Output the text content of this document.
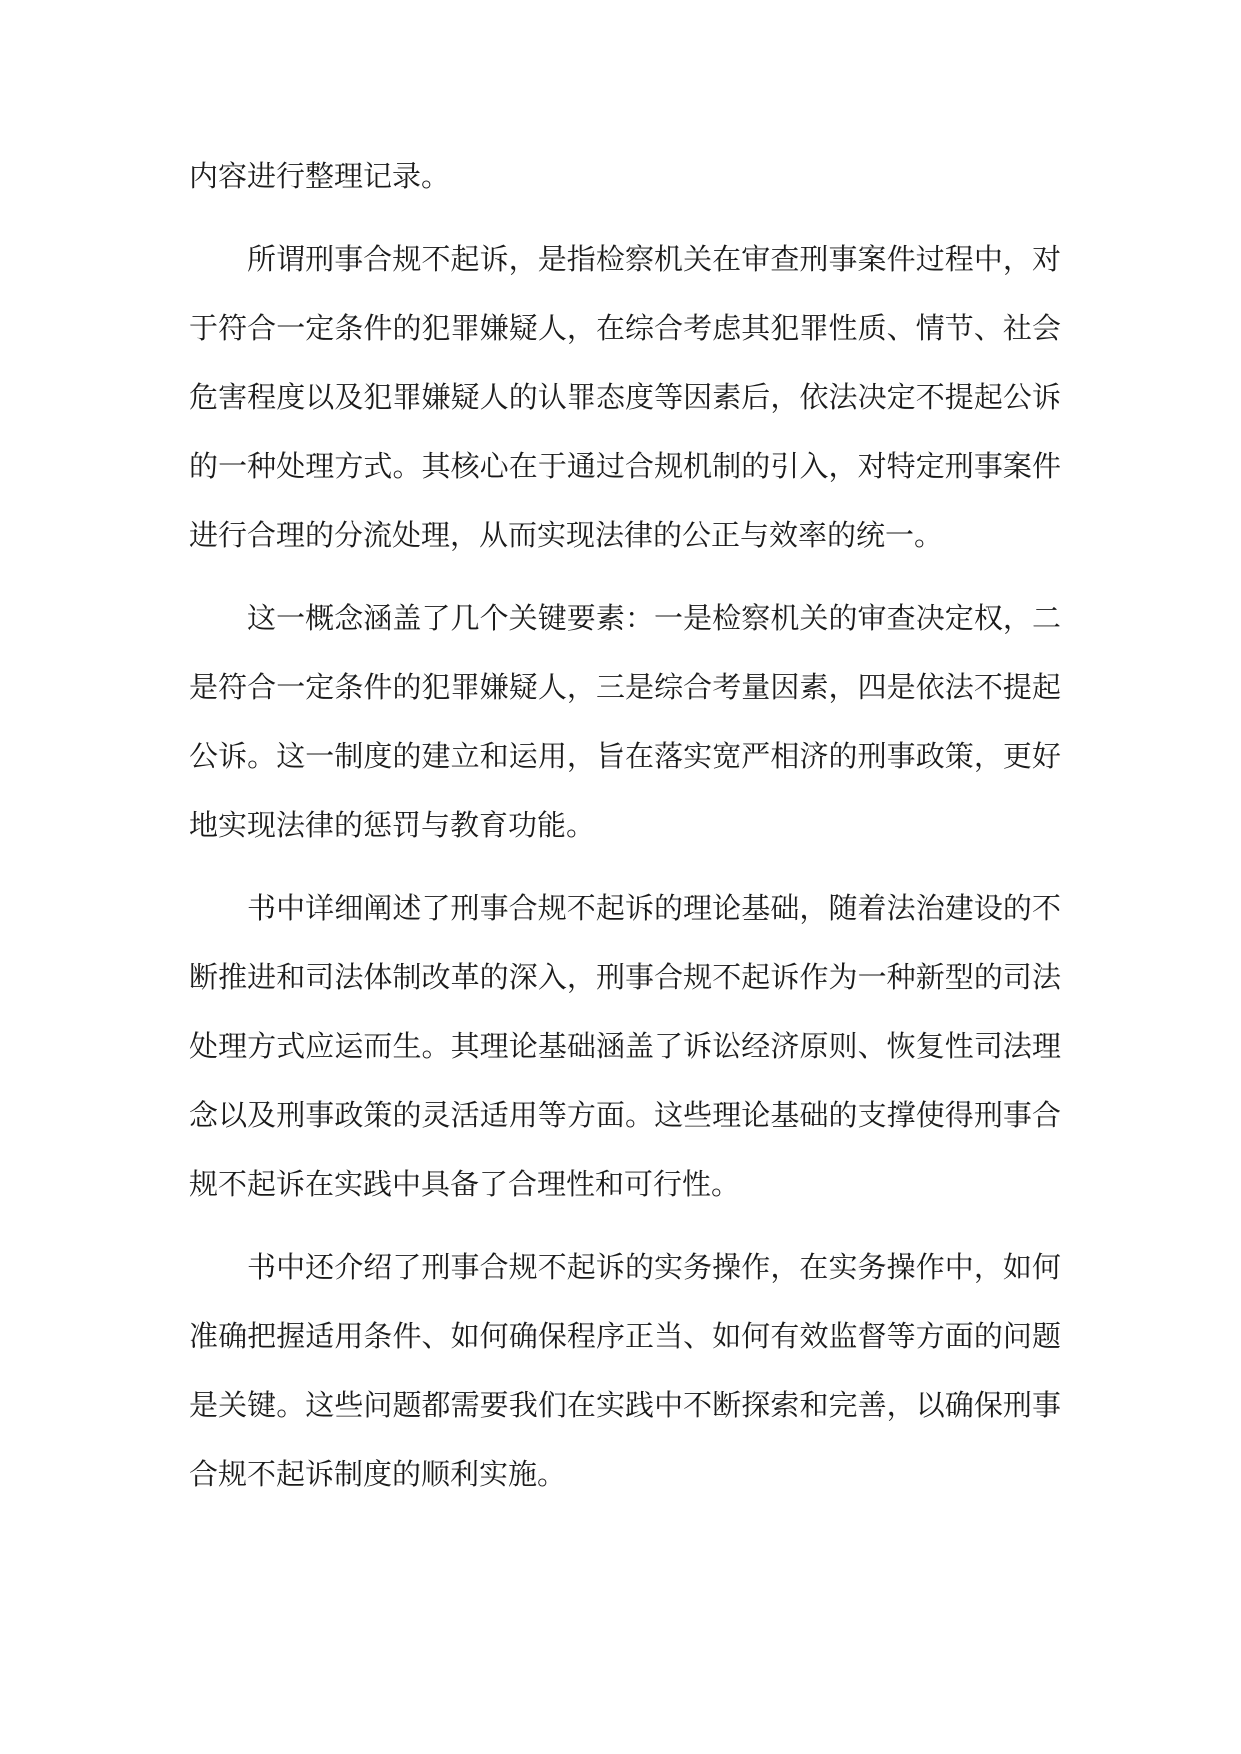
内容进行整理记录。

所谓刑事合规不起诉，是指检察机关在审查刑事案件过程中，对于符合一定条件的犯罪嫌疑人，在综合考虑其犯罪性质、情节、社会危害程度以及犯罪嫌疑人的认罪态度等因素后，依法决定不提起公诉的一种处理方式。其核心在于通过合规机制的引入，对特定刑事案件进行合理的分流处理，从而实现法律的公正与效率的统一。

这一概念涵盖了几个关键要素：一是检察机关的审查决定权，二是符合一定条件的犯罪嫌疑人，三是综合考量因素，四是依法不提起公诉。这一制度的建立和运用，旨在落实宽严相济的刑事政策，更好地实现法律的惩罚与教育功能。

书中详细阐述了刑事合规不起诉的理论基础，随着法治建设的不断推进和司法体制改革的深入，刑事合规不起诉作为一种新型的司法处理方式应运而生。其理论基础涵盖了诉讼经济原则、恢复性司法理念以及刑事政策的灵活适用等方面。这些理论基础的支撑使得刑事合规不起诉在实践中具备了合理性和可行性。

书中还介绍了刑事合规不起诉的实务操作，在实务操作中，如何准确把握适用条件、如何确保程序正当、如何有效监督等方面的问题是关键。这些问题都需要我们在实践中不断探索和完善，以确保刑事合规不起诉制度的顺利实施。
